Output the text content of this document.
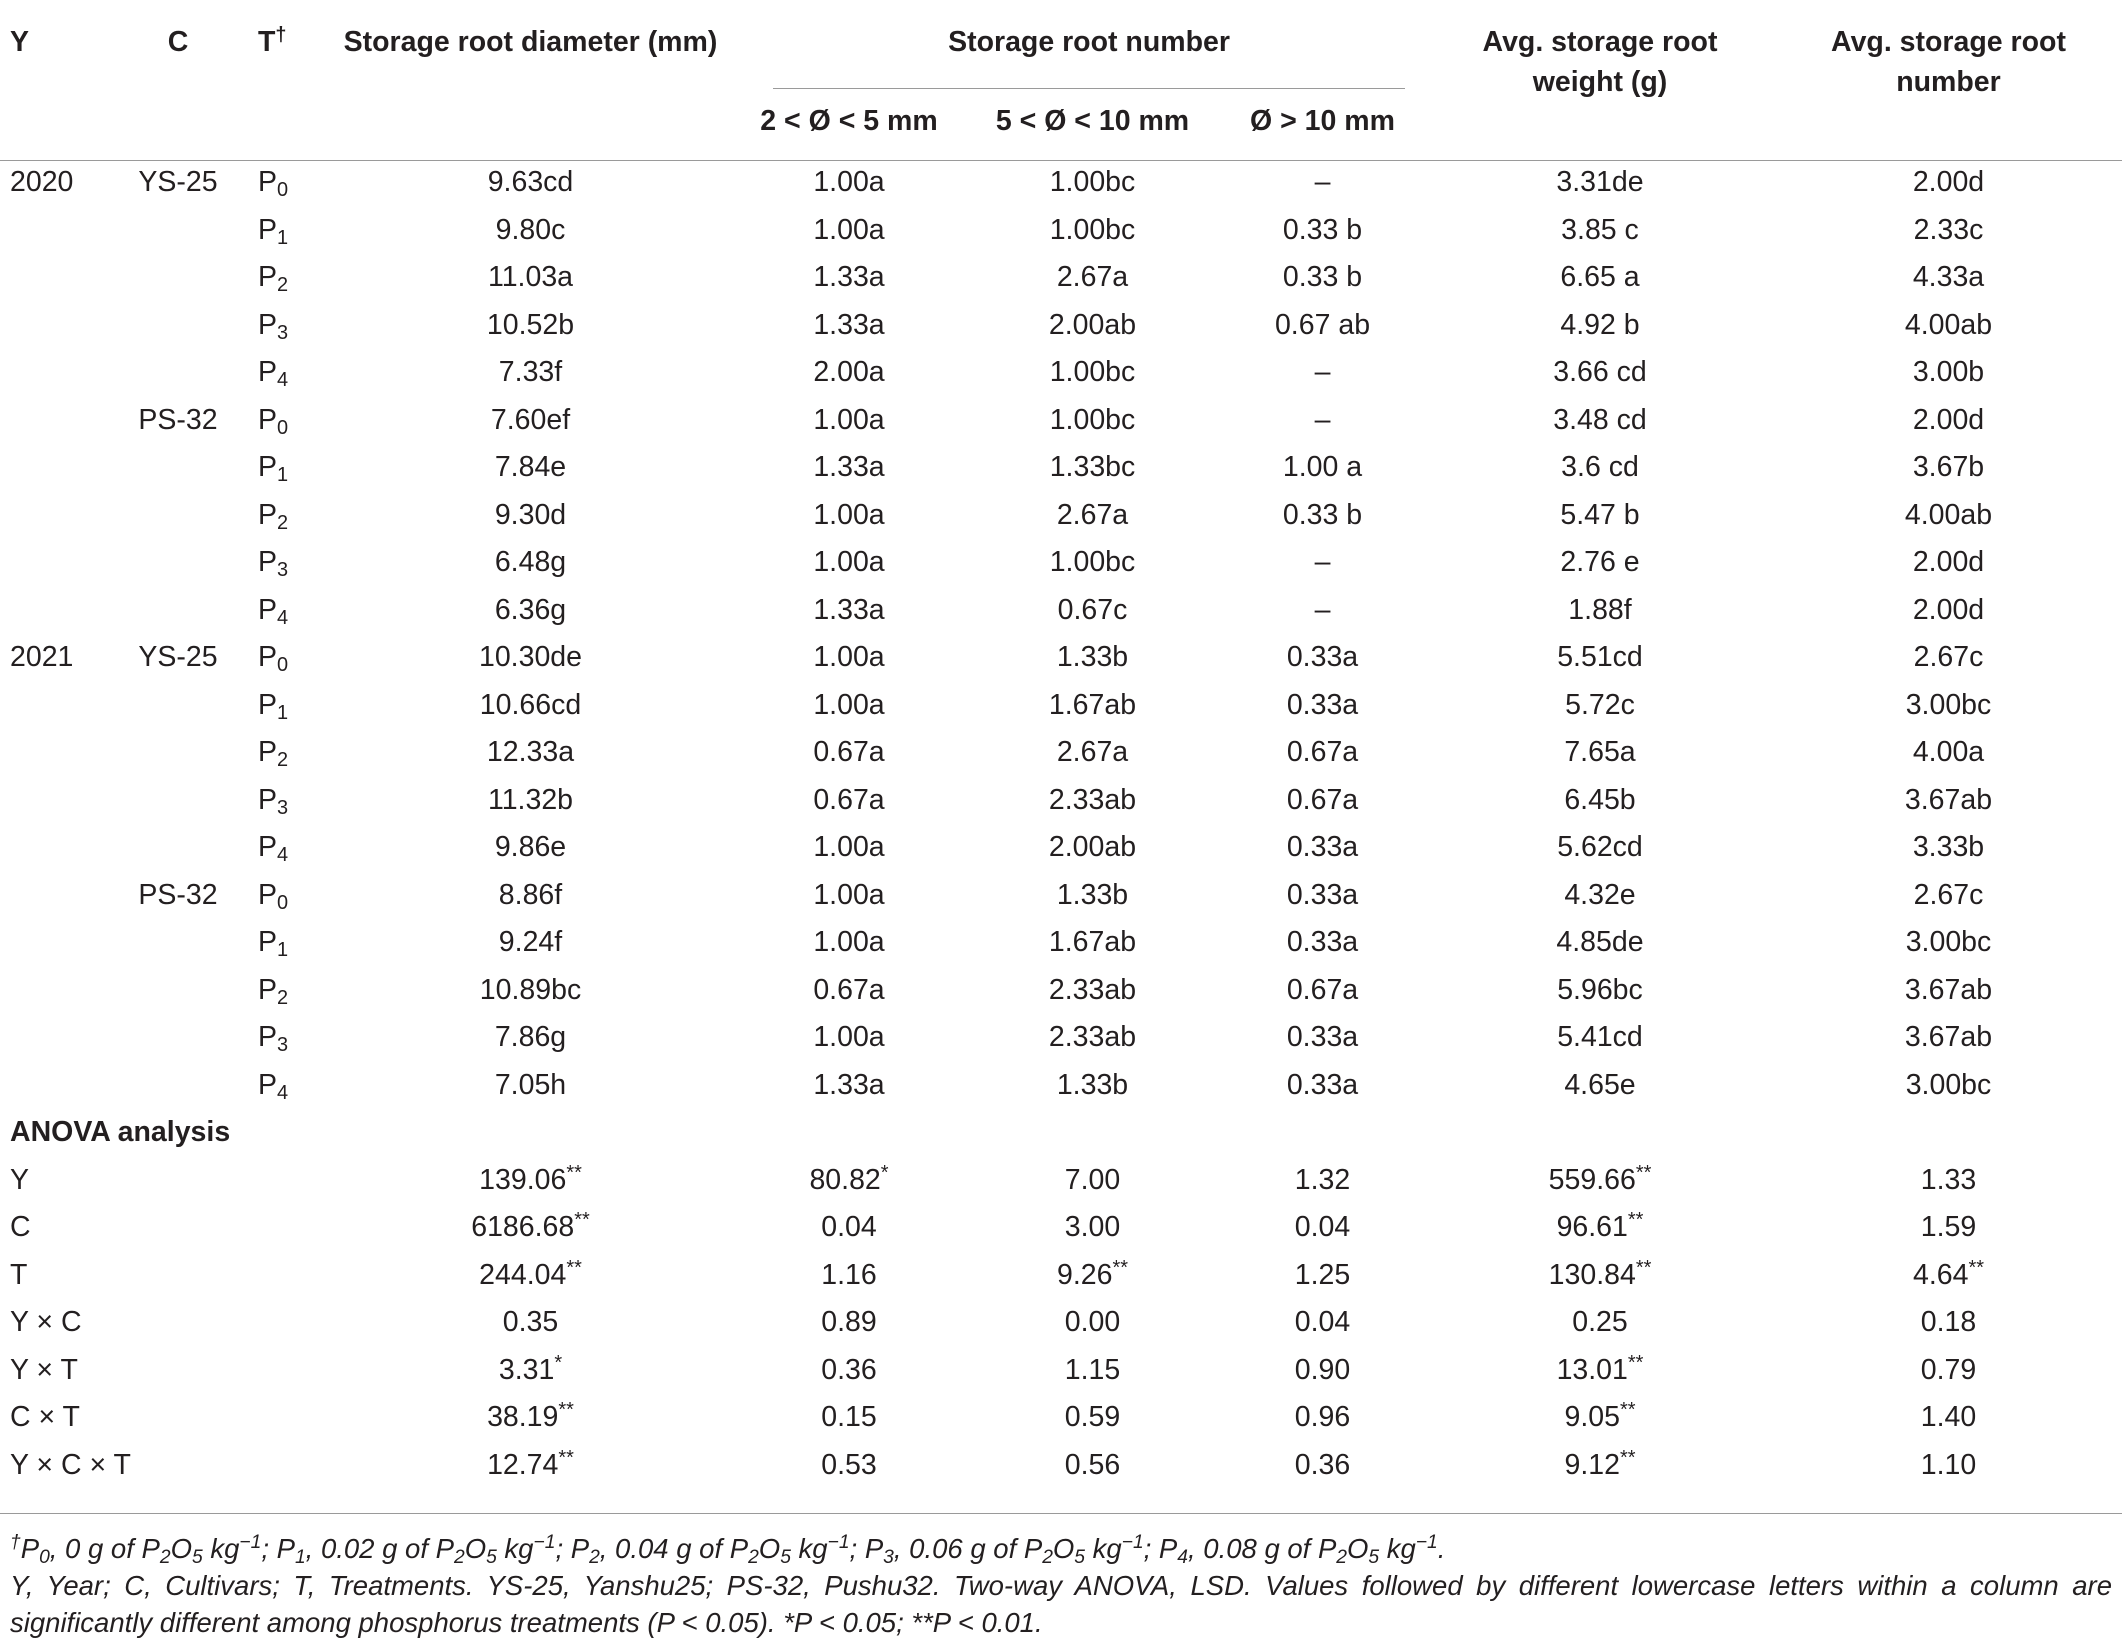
Y	C	T†	Storage root diameter (mm)	Storage root number			Avg. storage root weight (g)	Avg. storage root number

				2 < Ø < 5 mm	5 < Ø < 10 mm	Ø > 10 mm		
2020	YS-25	$P_0$	9.63cd	1.00a	1.00bc	–	3.31de	2.00d
		$P_1$	9.80c	1.00a	1.00bc	0.33 b	3.85 c	2.33c
		$P_2$	11.03a	1.33a	2.67a	0.33 b	6.65 a	4.33a
		$P_3$	10.52b	1.33a	2.00ab	0.67 ab	4.92 b	4.00ab
		$P_4$	7.33f	2.00a	1.00bc	–	3.66 cd	3.00b
	PS-32	$P_0$	7.60ef	1.00a	1.00bc	–	3.48 cd	2.00d
		$P_1$	7.84e	1.33a	1.33bc	1.00 a	3.6 cd	3.67b
		$P_2$	9.30d	1.00a	2.67a	0.33 b	5.47 b	4.00ab
		$P_3$	6.48g	1.00a	1.00bc	–	2.76 e	2.00d
		$P_4$	6.36g	1.33a	0.67c	–	1.88f	2.00d
2021	YS-25	$P_0$	10.30de	1.00a	1.33b	0.33a	5.51cd	2.67c
		$P_1$	10.66cd	1.00a	1.67ab	0.33a	5.72c	3.00bc
		$P_2$	12.33a	0.67a	2.67a	0.67a	7.65a	4.00a
		$P_3$	11.32b	0.67a	2.33ab	0.67a	6.45b	3.67ab
		$P_4$	9.86e	1.00a	2.00ab	0.33a	5.62cd	3.33b
	PS-32	$P_0$	8.86f	1.00a	1.33b	0.33a	4.32e	2.67c
		$P_1$	9.24f	1.00a	1.67ab	0.33a	4.85de	3.00bc
		$P_2$	10.89bc	0.67a	2.33ab	0.67a	5.96bc	3.67ab
		$P_3$	7.86g	1.00a	2.33ab	0.33a	5.41cd	3.67ab
		$P_4$	7.05h	1.33a	1.33b	0.33a	4.65e	3.00bc
ANOVA analysis								
Y			139.06**	80.82*	7.00	1.32	559.66**	1.33
C			6186.68**	0.04	3.00	0.04	96.61**	1.59
T			244.04**	1.16	9.26**	1.25	130.84**	4.64**
Y × C			0.35	0.89	0.00	0.04	0.25	0.18
Y × T			3.31*	0.36	1.15	0.90	13.01**	0.79
C × T			38.19**	0.15	0.59	0.96	9.05**	1.40
Y × C × T			12.74**	0.53	0.56	0.36	9.12**	1.10

$^\dagger P_0$, 0 g of $P_2O_5$ $kg^{-1}$; $P_1$, 0.02 g of $P_2O_5$ $kg^{-1}$; $P_2$, 0.04 g of $P_2O_5$ $kg^{-1}$; $P_3$, 0.06 g of $P_2O_5$ $kg^{-1}$; $P_4$, 0.08 g of $P_2O_5$ $kg^{-1}$.

Y, Year; C, Cultivars; T, Treatments. YS-25, Yanshu25; PS-32, Pushu32. Two-way ANOVA, LSD. Values followed by different lowercase letters within a column are significantly different among phosphorus treatments (P < 0.05). *P < 0.05; **P < 0.01.
